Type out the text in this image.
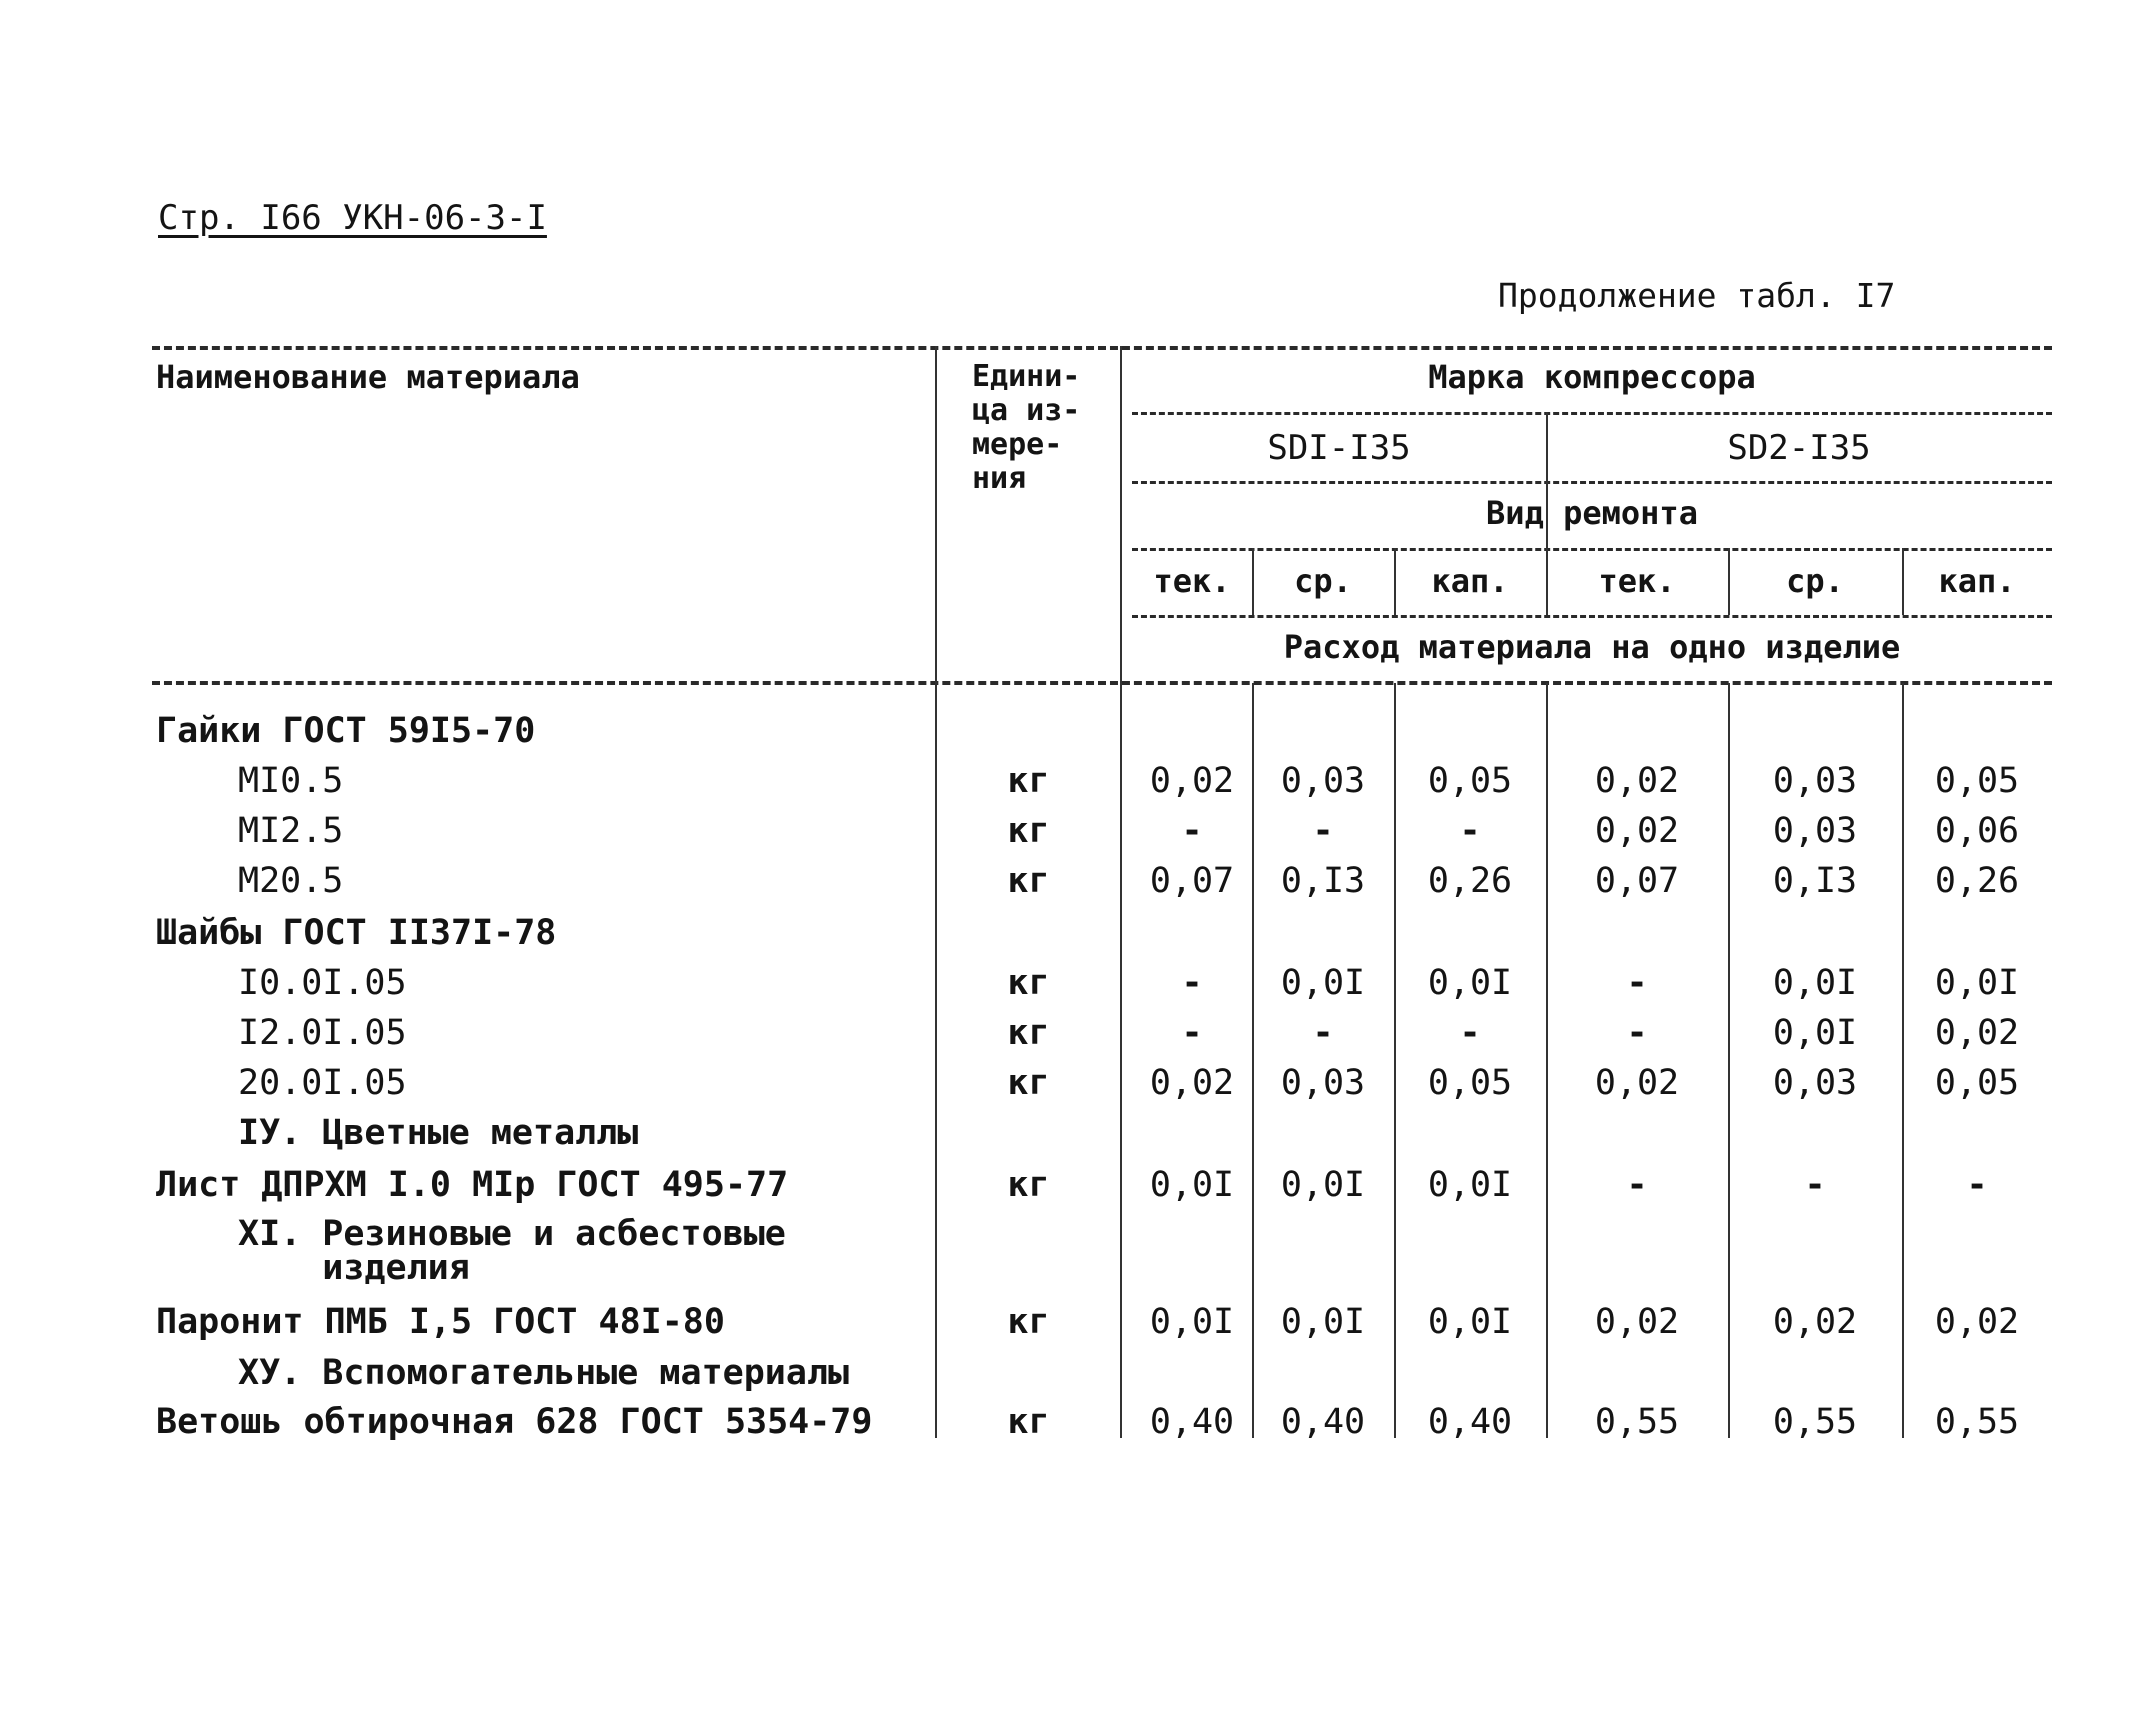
Стр. I66 УКН-06-3-I
Продолжение табл. I7
Наименование материала	Едини-
ца из-
мере-
ния
Марка компрессора
SDI-I35	SD2-I35
Вид ремонта
тек.	ср.	кап.	тек.	ср.	кап.
Расход материала на одно изделие
Гайки ГОСТ 59I5-70
МI0.5	кг	0,02	0,03	0,05	0,02	0,03	0,05
МI2.5	кг	-	-	-	0,02	0,03	0,06
М20.5	кг	0,07	0,I3	0,26	0,07	0,I3	0,26
Шайбы ГОСТ II37I-78
I0.0I.05	кг	-	0,0I	0,0I	-	0,0I	0,0I
I2.0I.05	кг	-	-	-	-	0,0I	0,02
20.0I.05	кг	0,02	0,03	0,05	0,02	0,03	0,05
IУ. Цветные металлы
Лист ДПРХМ I.0 МIр ГОСТ 495-77	кг	0,0I	0,0I	0,0I	-	-	-
XI. Резиновые и асбестовые
изделия
Паронит ПМБ I,5 ГОСТ 48I-80	кг	0,0I	0,0I	0,0I	0,02	0,02	0,02
ХУ. Вспомогательные материалы
Ветошь обтирочная 628 ГОСТ 5354-79	кг	0,40	0,40	0,40	0,55	0,55	0,55
